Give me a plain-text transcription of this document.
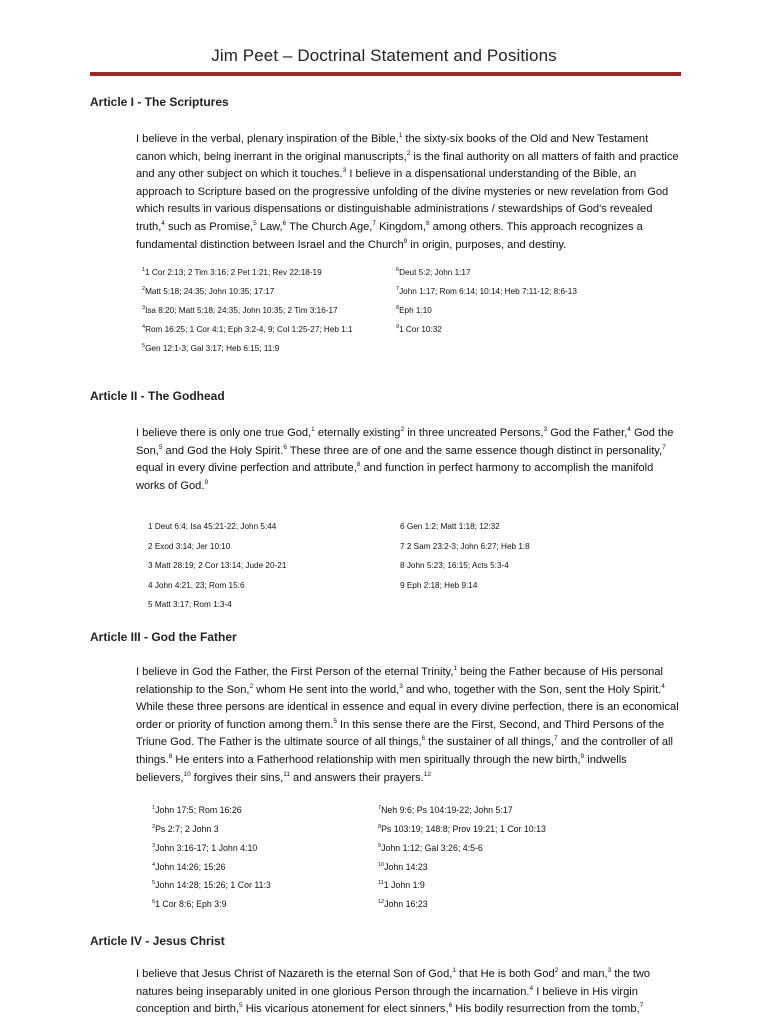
Jim Peet – Doctrinal Statement and Positions
Article I - The Scriptures

I believe in the verbal, plenary inspiration of the Bible,$^1$ the sixty-six books of the Old and New Testament canon which, being inerrant in the original manuscripts,$^2$ is the final authority on all matters of faith and practice and any other subject on which it touches.$^3$ I believe in a dispensational understanding of the Bible, an approach to Scripture based on the progressive unfolding of the divine mysteries or new revelation from God which results in various dispensations or distinguishable administrations / stewardships of God's revealed truth,$^4$ such as Promise,$^5$ Law,$^6$ The Church Age,$^7$ Kingdom,$^8$ among others. This approach recognizes a fundamental distinction between Israel and the Church$^9$ in origin, purposes, and destiny.

$^1$1 Cor 2:13; 2 Tim 3:16; 2 Pet 1:21; Rev 22:18-19
$^2$Matt 5:18; 24:35; John 10:35; 17:17
$^3$Isa 8:20; Matt 5:18; 24:35; John 10:35; 2 Tim 3:16-17
$^4$Rom 16:25; 1 Cor 4:1; Eph 3:2-4, 9; Col 1:25-27; Heb 1:1
$^5$Gen 12:1-3; Gal 3:17; Heb 6:15; 11:9
$^6$Deut 5:2; John 1:17
$^7$John 1:17; Rom 6:14; 10:14; Heb 7:11-12; 8:6-13
$^8$Eph 1:10
$^9$1 Cor 10:32
Article II - The Godhead

I believe there is only one true God,$^1$ eternally existing$^2$ in three uncreated Persons,$^3$ God the Father,$^4$ God the Son,$^5$ and God the Holy Spirit.$^6$ These three are of one and the same essence though distinct in personality,$^7$ equal in every divine perfection and attribute,$^8$ and function in perfect harmony to accomplish the manifold works of God.$^9$

1 Deut 6:4; Isa 45:21-22; John 5:44
2 Exod 3:14; Jer 10:10
3 Matt 28:19; 2 Cor 13:14; Jude 20-21
4 John 4:21, 23; Rom 15:6
5 Matt 3:17; Rom 1:3-4
6 Gen 1:2; Matt 1:18; 12:32
7 2 Sam 23:2-3; John 6:27; Heb 1:8
8 John 5:23; 16:15; Acts 5:3-4
9 Eph 2:18; Heb 9:14
Article III - God the Father

I believe in God the Father, the First Person of the eternal Trinity,$^1$ being the Father because of His personal relationship to the Son,$^2$ whom He sent into the world,$^3$ and who, together with the Son, sent the Holy Spirit.$^4$ While these three persons are identical in essence and equal in every divine perfection, there is an economical order or priority of function among them.$^5$ In this sense there are the First, Second, and Third Persons of the Triune God. The Father is the ultimate source of all things,$^6$ the sustainer of all things,$^7$ and the controller of all things.$^8$ He enters into a Fatherhood relationship with men spiritually through the new birth,$^9$ indwells believers,$^{10}$ forgives their sins,$^{11}$ and answers their prayers.$^{12}$

$^1$John 17:5; Rom 16:26
$^2$Ps 2:7; 2 John 3
$^3$John 3:16-17; 1 John 4:10
$^4$John 14:26; 15:26
$^5$John 14:28; 15:26; 1 Cor 11:3
$^6$1 Cor 8:6; Eph 3:9
$^7$Neh 9:6; Ps 104:19-22; John 5:17
$^8$Ps 103:19; 148:8; Prov 19:21; 1 Cor 10:13
$^9$John 1:12; Gal 3:26; 4:5-6
$^{10}$John 14:23
$^{11}$1 John 1:9
$^{12}$John 16:23
Article IV - Jesus Christ

I believe that Jesus Christ of Nazareth is the eternal Son of God,$^1$ that He is both God$^2$ and man,$^3$ the two natures being inseparably united in one glorious Person through the incarnation.$^4$ I believe in His virgin conception and birth,$^5$ His vicarious atonement for elect sinners,$^6$ His bodily resurrection from the tomb,$^7$
